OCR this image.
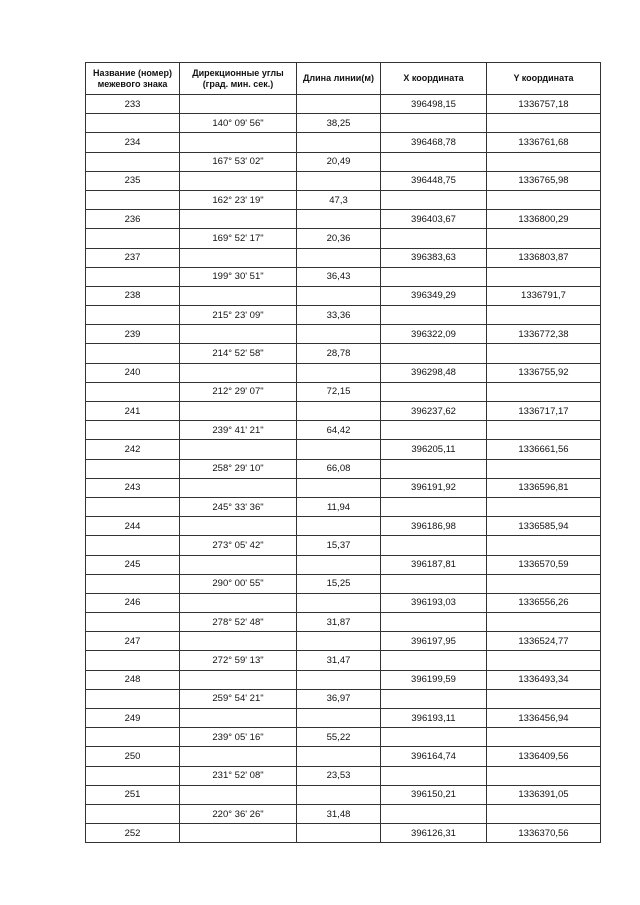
Название (номер) межевого знака	Дирекционные углы (град. мин. сек.)	Длина линии(м)	X координата	Y координата
233			396498,15	1336757,18
	140° 09' 56"	38,25		
234			396468,78	1336761,68
	167° 53' 02"	20,49		
235			396448,75	1336765,98
	162° 23' 19"	47,3		
236			396403,67	1336800,29
	169° 52' 17"	20,36		
237			396383,63	1336803,87
	199° 30' 51"	36,43		
238			396349,29	1336791,7
	215° 23' 09"	33,36		
239			396322,09	1336772,38
	214° 52' 58"	28,78		
240			396298,48	1336755,92
	212° 29' 07"	72,15		
241			396237,62	1336717,17
	239° 41' 21"	64,42		
242			396205,11	1336661,56
	258° 29' 10"	66,08		
243			396191,92	1336596,81
	245° 33' 36"	11,94		
244			396186,98	1336585,94
	273° 05' 42"	15,37		
245			396187,81	1336570,59
	290° 00' 55"	15,25		
246			396193,03	1336556,26
	278° 52' 48"	31,87		
247			396197,95	1336524,77
	272° 59' 13"	31,47		
248			396199,59	1336493,34
	259° 54' 21"	36,97		
249			396193,11	1336456,94
	239° 05' 16"	55,22		
250			396164,74	1336409,56
	231° 52' 08"	23,53		
251			396150,21	1336391,05
	220° 36' 26"	31,48		
252			396126,31	1336370,56
